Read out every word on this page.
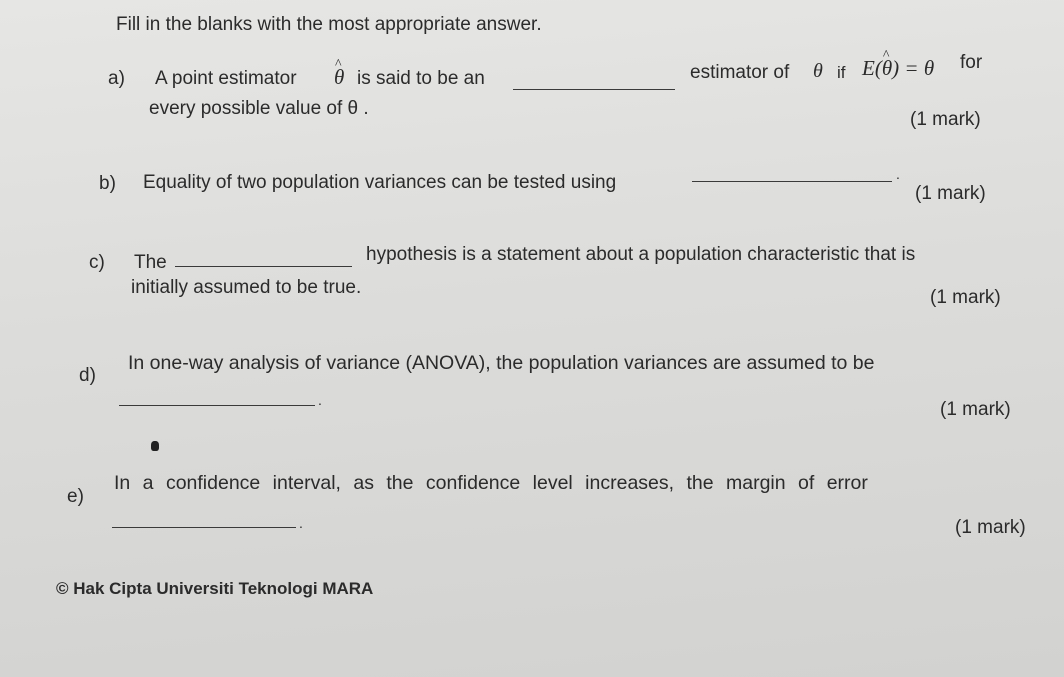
Fill in the blanks with the most appropriate answer.
a) A point estimator
^ θ is said to be an	estimator of θ if E(^ θ) = θ for
every possible value of θ .
(1 mark)
b) Equality of two population variances can be tested using	.
(1 mark)
c) The	hypothesis is a statement about a population characteristic that is
initially assumed to be true.	(1 mark)
d)
In one-way analysis of variance (ANOVA), the population variances are assumed to be
.	(1 mark)
e)
In a confidence interval, as the confidence level increases, the margin of error
.	(1 mark)
© Hak Cipta Universiti Teknologi MARA
